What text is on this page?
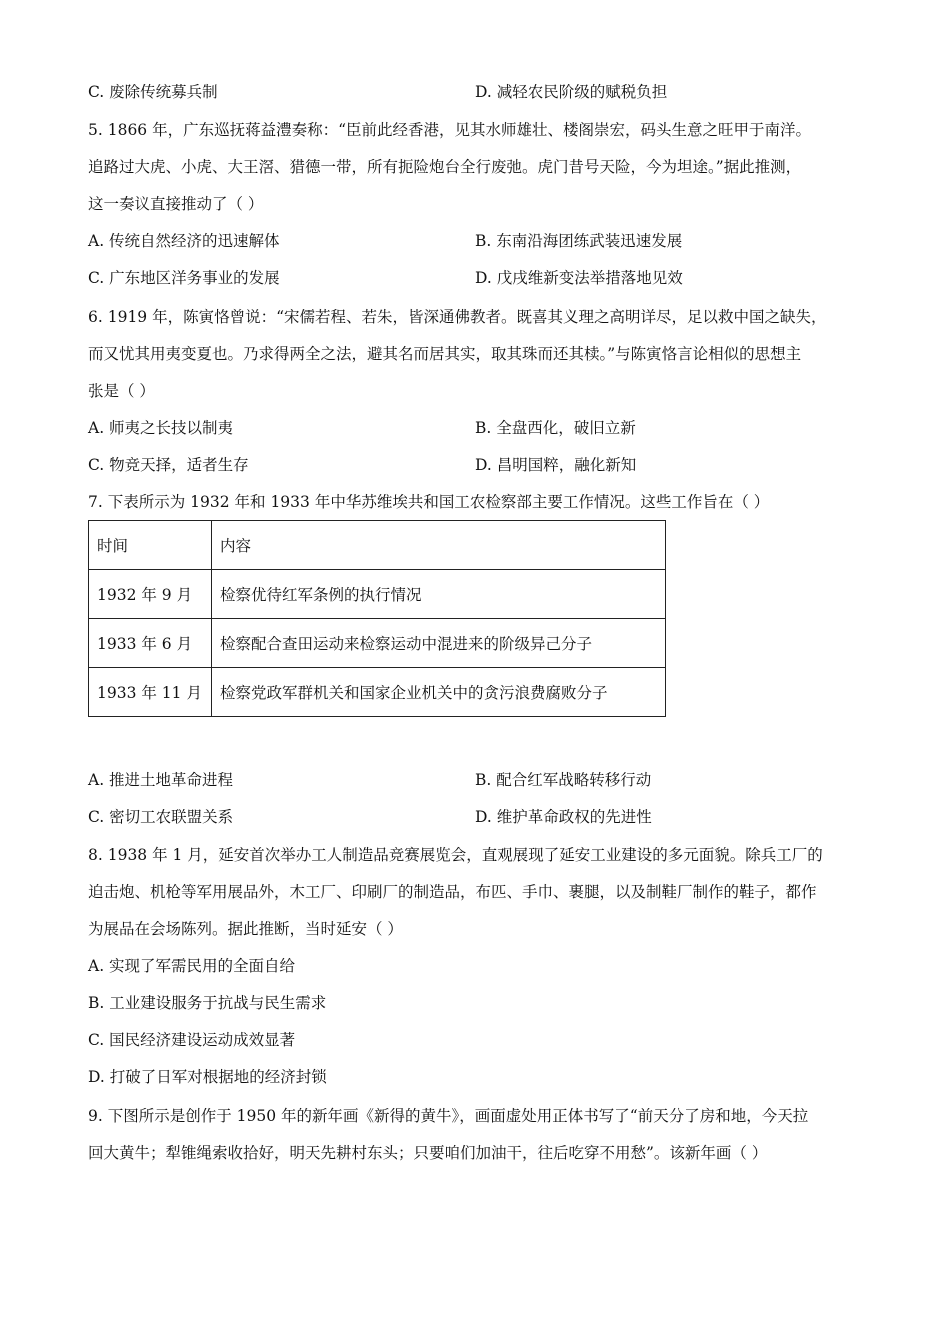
C. 废除传统募兵制	D. 减轻农民阶级的赋税负担
5. 1866 年，广东巡抚蒋益澧奏称：“臣前此经香港，见其水师雄壮、楼阁崇宏，码头生意之旺甲于南洋。
追路过大虎、小虎、大王滘、猎德一带，所有扼险炮台全行废弛。虎门昔号天险，今为坦途。”据此推测，
这一奏议直接推动了（ ）
A. 传统自然经济的迅速解体	B. 东南沿海团练武装迅速发展
C. 广东地区洋务事业的发展	D. 戊戌维新变法举措落地见效
6. 1919 年，陈寅恪曾说：“宋儒若程、若朱，皆深通佛教者。既喜其义理之高明详尽，足以救中国之缺失，
而又忧其用夷变夏也。乃求得两全之法，避其名而居其实，取其珠而还其椟。”与陈寅恪言论相似的思想主
张是（ ）
A. 师夷之长技以制夷	B. 全盘西化，破旧立新
C. 物竞天择，适者生存	D. 昌明国粹，融化新知
7. 下表所示为 1932 年和 1933 年中华苏维埃共和国工农检察部主要工作情况。这些工作旨在（ ）
时间	内容
1932 年 9 月	检察优待红军条例的执行情况
1933 年 6 月	检察配合查田运动来检察运动中混进来的阶级异己分子
1933 年 11 月	检察党政军群机关和国家企业机关中的贪污浪费腐败分子
A. 推进土地革命进程	B. 配合红军战略转移行动
C. 密切工农联盟关系	D. 维护革命政权的先进性
8. 1938 年 1 月，延安首次举办工人制造品竞赛展览会，直观展现了延安工业建设的多元面貌。除兵工厂的
迫击炮、机枪等军用展品外，木工厂、印刷厂的制造品，布匹、手巾、裹腿，以及制鞋厂制作的鞋子，都作
为展品在会场陈列。据此推断，当时延安（ ）
A. 实现了军需民用的全面自给
B. 工业建设服务于抗战与民生需求
C. 国民经济建设运动成效显著
D. 打破了日军对根据地的经济封锁
9. 下图所示是创作于 1950 年的新年画《新得的黄牛》，画面虚处用正体书写了“前天分了房和地，今天拉
回大黄牛；犁锥绳索收拾好，明天先耕村东头；只要咱们加油干，往后吃穿不用愁”。该新年画（ ）
